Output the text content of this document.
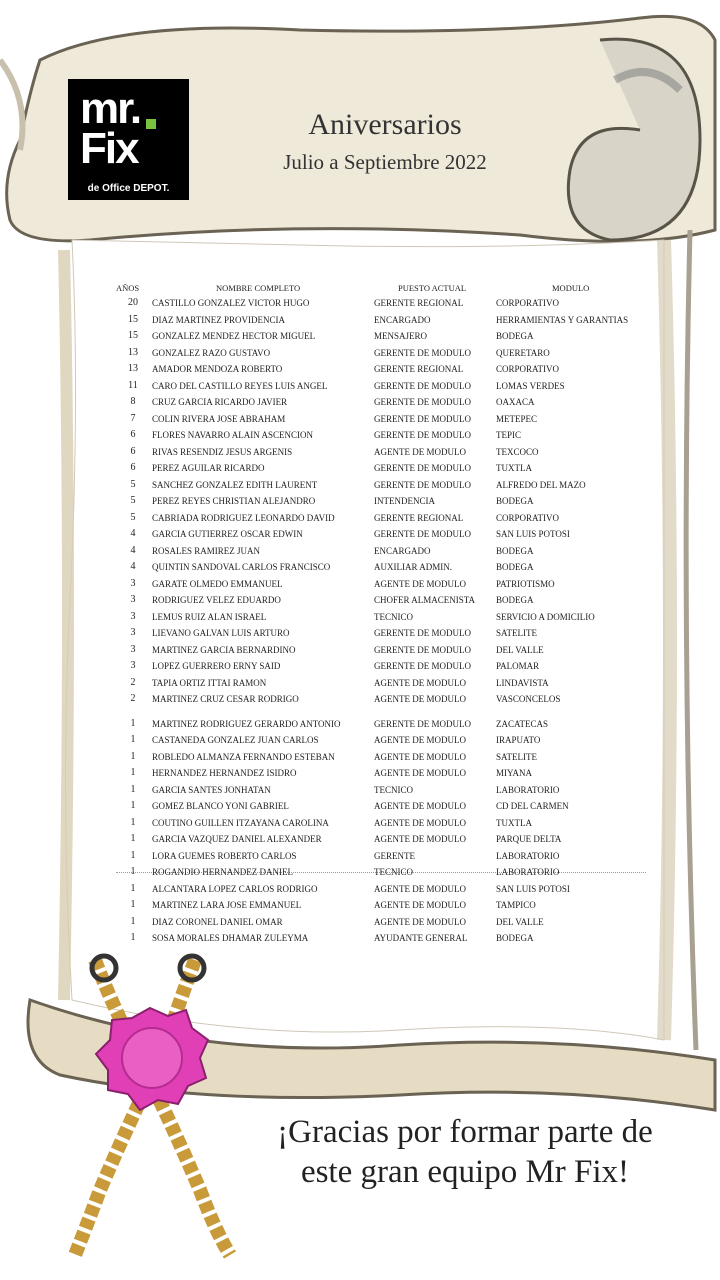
mr.
Fix
de Office DEPOT.
Aniversarios
Julio a Septiembre 2022
AÑOS	NOMBRE COMPLETO	PUESTO ACTUAL	MODULO
20	CASTILLO GONZALEZ VICTOR HUGO	GERENTE REGIONAL	CORPORATIVO
15	DIAZ MARTINEZ PROVIDENCIA	ENCARGADO	HERRAMIENTAS Y GARANTIAS
15	GONZALEZ MENDEZ HECTOR MIGUEL	MENSAJERO	BODEGA
13	GONZALEZ RAZO GUSTAVO	GERENTE DE MODULO	QUERETARO
13	AMADOR MENDOZA ROBERTO	GERENTE REGIONAL	CORPORATIVO
11	CARO DEL CASTILLO REYES LUIS ANGEL	GERENTE DE MODULO	LOMAS VERDES
8	CRUZ GARCIA RICARDO JAVIER	GERENTE DE MODULO	OAXACA
7	COLIN RIVERA JOSE ABRAHAM	GERENTE DE MODULO	METEPEC
6	FLORES NAVARRO ALAIN ASCENCION	GERENTE DE MODULO	TEPIC
6	RIVAS RESENDIZ JESUS ARGENIS	AGENTE DE MODULO	TEXCOCO
6	PEREZ AGUILAR RICARDO	GERENTE DE MODULO	TUXTLA
5	SANCHEZ GONZALEZ EDITH LAURENT	GERENTE DE MODULO	ALFREDO DEL MAZO
5	PEREZ REYES CHRISTIAN ALEJANDRO	INTENDENCIA	BODEGA
5	CABRIADA RODRIGUEZ LEONARDO DAVID	GERENTE REGIONAL	CORPORATIVO
4	GARCIA GUTIERREZ OSCAR EDWIN	GERENTE DE MODULO	SAN LUIS POTOSI
4	ROSALES RAMIREZ JUAN	ENCARGADO	BODEGA
4	QUINTIN SANDOVAL CARLOS FRANCISCO	AUXILIAR ADMIN.	BODEGA
3	GARATE OLMEDO EMMANUEL	AGENTE DE MODULO	PATRIOTISMO
3	RODRIGUEZ VELEZ EDUARDO	CHOFER ALMACENISTA	BODEGA
3	LEMUS RUIZ ALAN ISRAEL	TECNICO	SERVICIO A DOMICILIO
3	LIEVANO GALVAN LUIS ARTURO	GERENTE DE MODULO	SATELITE
3	MARTINEZ GARCIA BERNARDINO	GERENTE DE MODULO	DEL VALLE
3	LOPEZ GUERRERO ERNY SAID	GERENTE DE MODULO	PALOMAR
2	TAPIA ORTIZ ITTAI RAMON	AGENTE DE MODULO	LINDAVISTA
2	MARTINEZ CRUZ CESAR RODRIGO	AGENTE DE MODULO	VASCONCELOS
1	MARTINEZ RODRIGUEZ GERARDO ANTONIO	GERENTE DE MODULO	ZACATECAS
1	CASTANEDA GONZALEZ JUAN CARLOS	AGENTE DE MODULO	IRAPUATO
1	ROBLEDO ALMANZA FERNANDO ESTEBAN	AGENTE DE MODULO	SATELITE
1	HERNANDEZ HERNANDEZ ISIDRO	AGENTE DE MODULO	MIYANA
1	GARCIA SANTES JONHATAN	TECNICO	LABORATORIO
1	GOMEZ BLANCO YONI GABRIEL	AGENTE DE MODULO	CD DEL CARMEN
1	COUTINO GUILLEN ITZAYANA CAROLINA	AGENTE DE MODULO	TUXTLA
1	GARCIA VAZQUEZ DANIEL ALEXANDER	AGENTE DE MODULO	PARQUE DELTA
1	LORA GUEMES ROBERTO CARLOS	GERENTE	LABORATORIO
1	ROGANDIO HERNANDEZ DANIEL	TECNICO	LABORATORIO
1	ALCANTARA LOPEZ CARLOS RODRIGO	AGENTE DE MODULO	SAN LUIS POTOSI
1	MARTINEZ LARA JOSE EMMANUEL	AGENTE DE MODULO	TAMPICO
1	DIAZ CORONEL DANIEL OMAR	AGENTE DE MODULO	DEL VALLE
1	SOSA MORALES DHAMAR ZULEYMA	AYUDANTE GENERAL	BODEGA
¡Gracias por formar parte de
este gran equipo Mr Fix!
